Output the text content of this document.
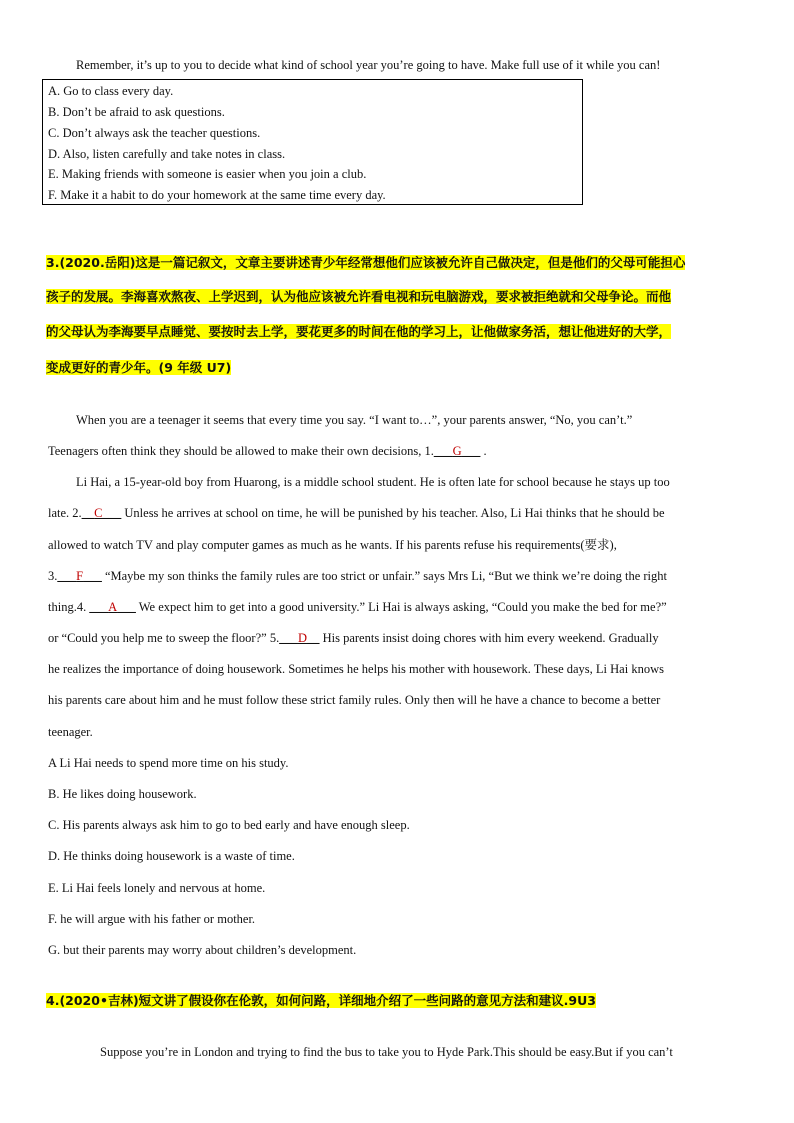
Remember, it’s up to you to decide what kind of school year you’re going to have. Make full use of it while you can!
A. Go to class every day.
B. Don’t be afraid to ask questions.
C. Don’t always ask the teacher questions.
D. Also, listen carefully and take notes in class.
E. Making friends with someone is easier when you join a club.
F. Make it a habit to do your homework at the same time every day.
3.(2020.岳阳)这是一篇记叙文，文章主要讲述青少年经常想他们应该被允许自己做决定，但是他们的父母可能担心
孩子的发展。李海喜欢熬夜、上学迟到，认为他应该被允许看电视和玩电脑游戏，要求被拒绝就和父母争论。而他
的父母认为李海要早点睡觉、要按时去上学，要花更多的时间在他的学习上，让他做家务活，想让他进好的大学，
变成更好的青少年。(9 年级 U7)
When you are a teenager it seems that every time you say. “I want to…”, your parents answer, “No, you can’t.”
Teenagers often think they should be allowed to make their own decisions, 1.___G___ .
Li Hai, a 15-year-old boy from Huarong, is a middle school student. He is often late for school because he stays up too
late. 2.__C___ Unless he arrives at school on time, he will be punished by his teacher. Also, Li Hai thinks that he should be
allowed to watch TV and play computer games as much as he wants. If his parents refuse his requirements(要求),
3.___F___ “Maybe my son thinks the family rules are too strict or unfair.” says Mrs Li, “But we think we’re doing the right
thing.4. ___A___ We expect him to get into a good university.” Li Hai is always asking, “Could you make the bed for me?”
or “Could you help me to sweep the floor?” 5.___D__ His parents insist doing chores with him every weekend. Gradually
he realizes the importance of doing housework. Sometimes he helps his mother with housework. These days, Li Hai knows
his parents care about him and he must follow these strict family rules. Only then will he have a chance to become a better
teenager.
A Li Hai needs to spend more time on his study.
B. He likes doing housework.
C. His parents always ask him to go to bed early and have enough sleep.
D. He thinks doing housework is a waste of time.
E. Li Hai feels lonely and nervous at home.
F. he will argue with his father or mother.
G. but their parents may worry about children’s development.
4.(2020•吉林)短文讲了假设你在伦敦，如何问路，详细地介绍了一些问路的意见方法和建议.9U3
Suppose you’re in London and trying to find the bus to take you to Hyde Park.This should be easy.But if you can’t
